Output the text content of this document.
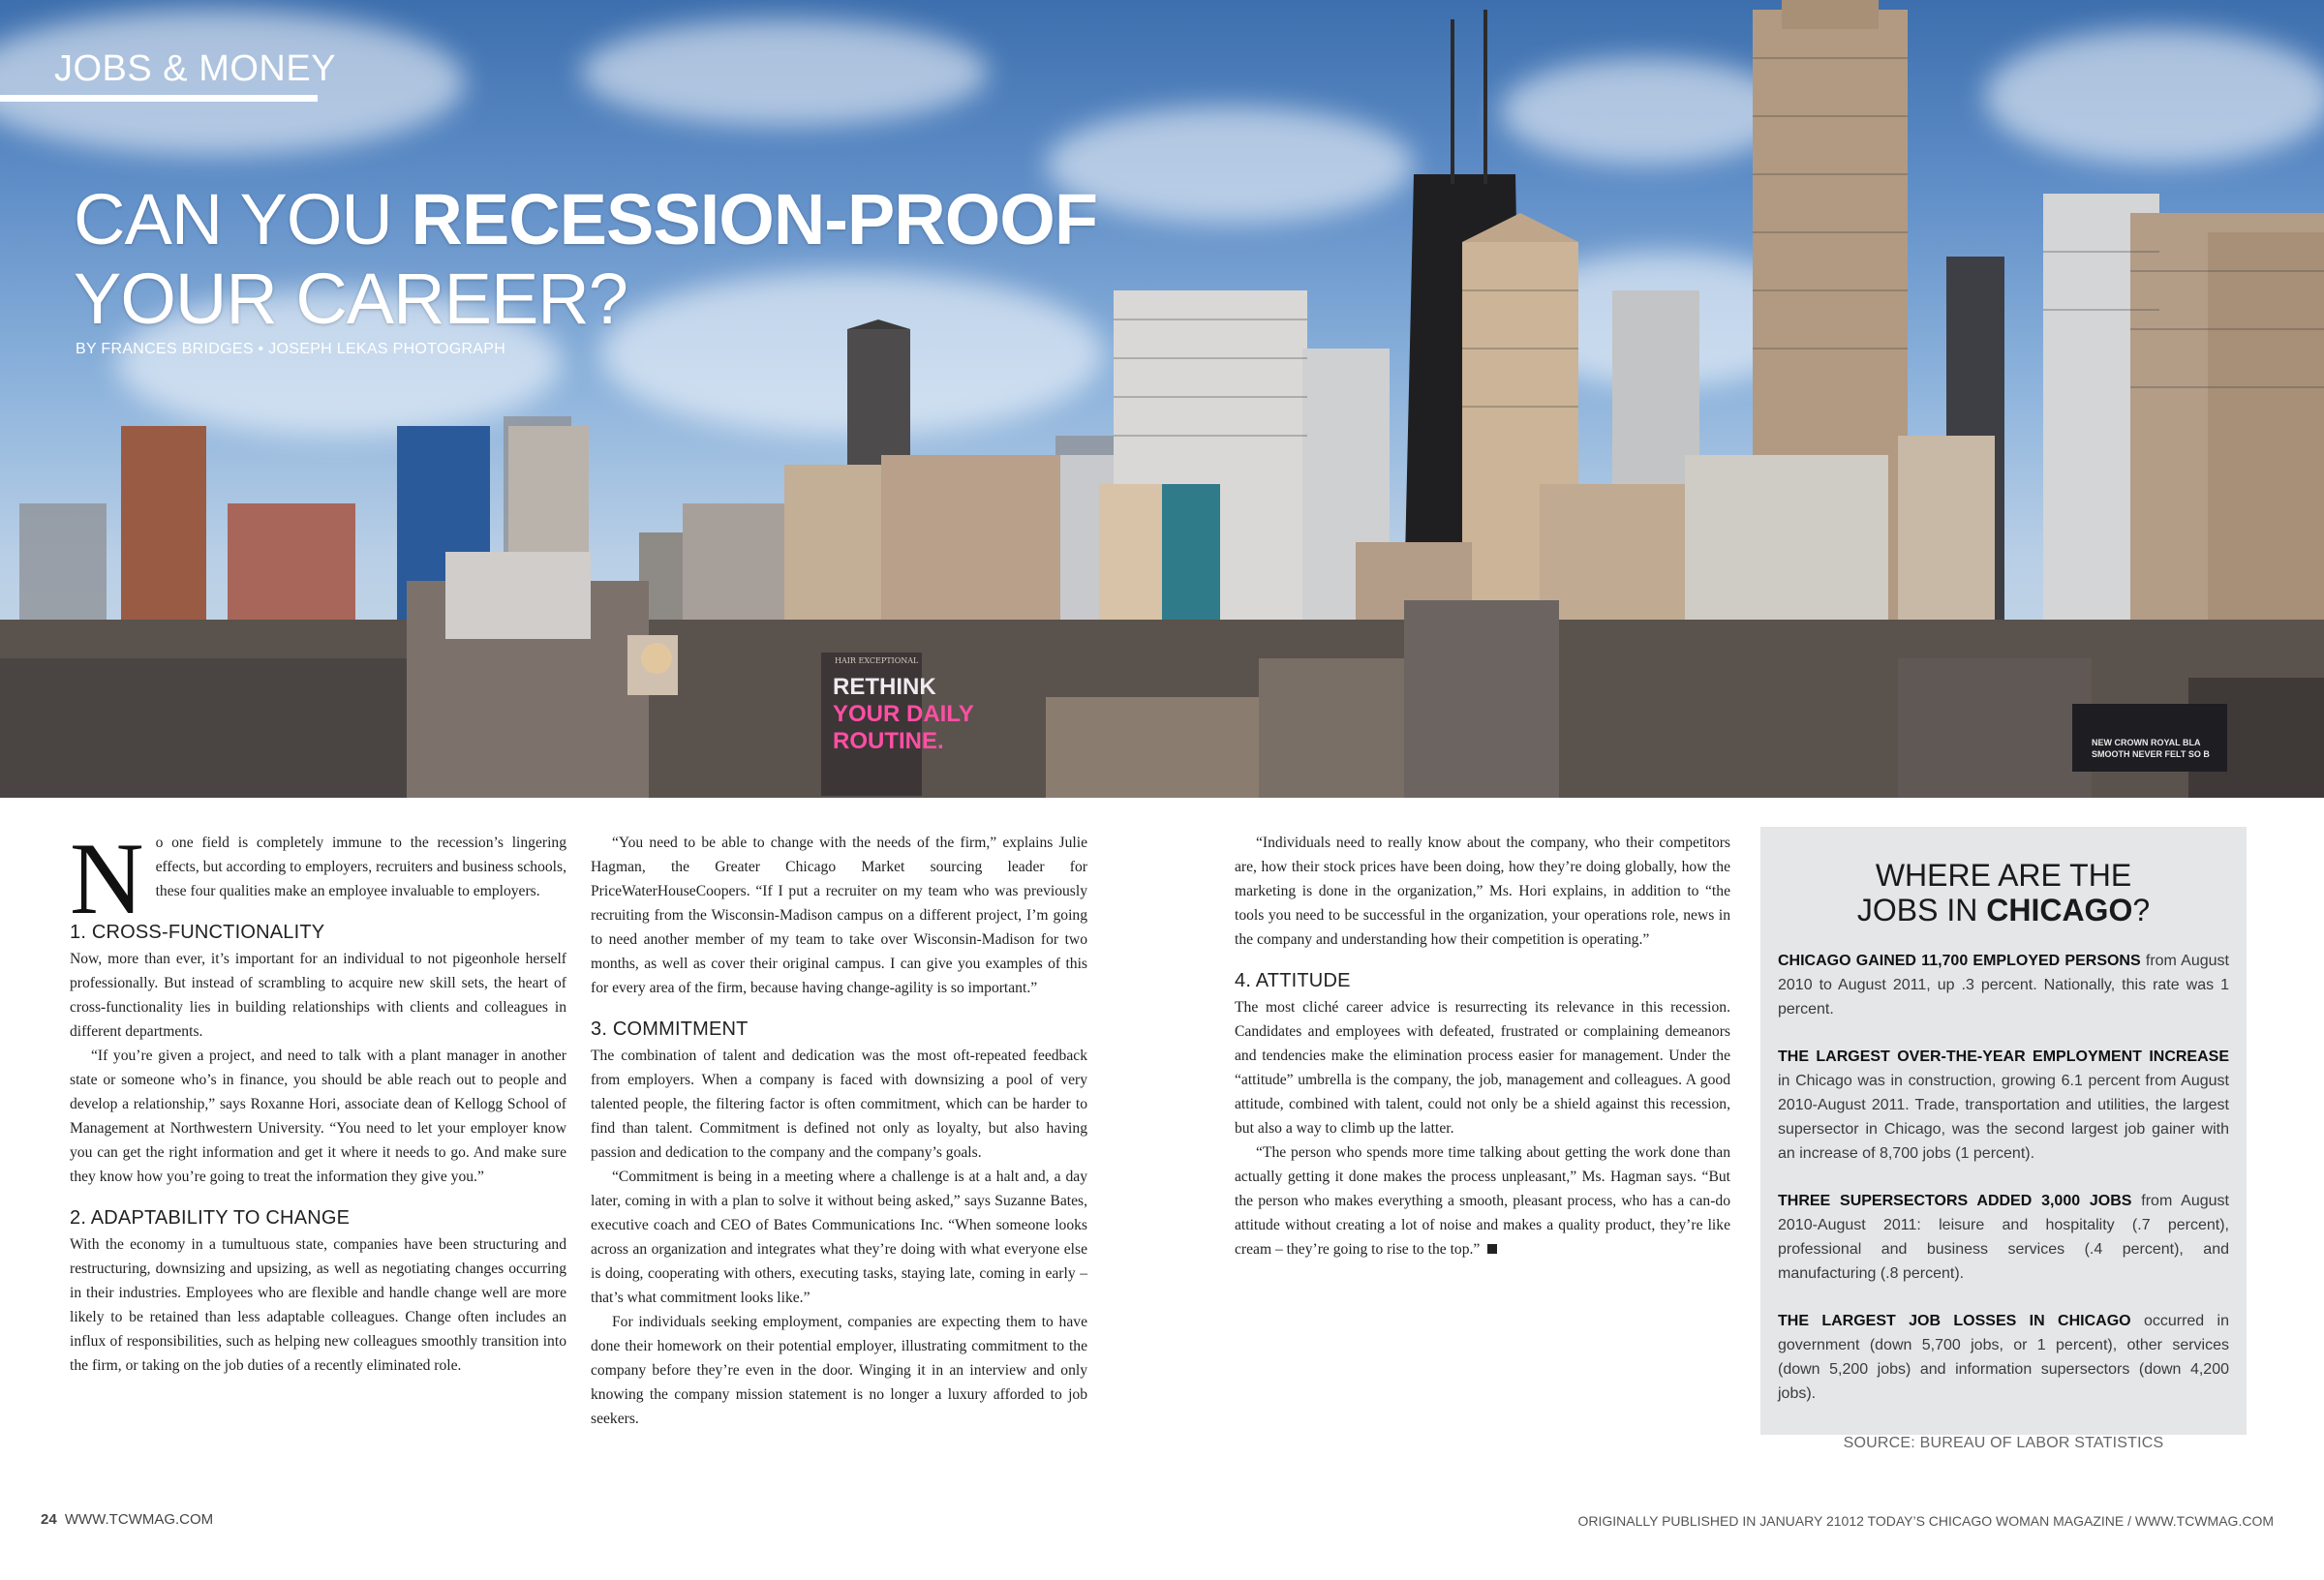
HAIR EXCEPTIONAL
RETHINK
YOUR DAILY
ROUTINE.	NEW CROWN ROYAL BLA
SMOOTH NEVER FELT SO B
JOBS & MONEY
CAN YOU RECESSION-PROOF
YOUR CAREER?
BY FRANCES BRIDGES • JOSEPH LEKAS PHOTOGRAPH

No one field is completely immune to the recession’s lingering effects, but according to employers, recruiters and business schools, these four qualities make an employee invaluable to employers.

1. CROSS-FUNCTIONALITY

Now, more than ever, it’s important for an individual to not pigeonhole herself professionally. But instead of scrambling to acquire new skill sets, the heart of cross-functionality lies in building relationships with clients and colleagues in different departments.

“If you’re given a project, and need to talk with a plant manager in another state or someone who’s in finance, you should be able reach out to people and develop a relationship,” says Roxanne Hori, associate dean of Kellogg School of Management at Northwestern University. “You need to let your employer know you can get the right information and get it where it needs to go. And make sure they know how you’re going to treat the information they give you.”

2. ADAPTABILITY TO CHANGE

With the economy in a tumultuous state, companies have been structuring and restructuring, downsizing and upsizing, as well as negotiating changes occurring in their industries. Employees who are flexible and handle change well are more likely to be retained than less adaptable colleagues. Change often includes an influx of responsibilities, such as helping new colleagues smoothly transition into the firm, or taking on the job duties of a recently eliminated role.

“You need to be able to change with the needs of the firm,” explains Julie Hagman, the Greater Chicago Market sourcing leader for PriceWaterHouseCoopers. “If I put a recruiter on my team who was previously recruiting from the Wisconsin-Madison campus on a different project, I’m going to need another member of my team to take over Wisconsin-Madison for two months, as well as cover their original campus. I can give you examples of this for every area of the firm, because having change-agility is so important.”

3. COMMITMENT

The combination of talent and dedication was the most oft-repeated feedback from employers. When a company is faced with downsizing a pool of very talented people, the filtering factor is often commitment, which can be harder to find than talent. Commitment is defined not only as loyalty, but also having passion and dedication to the company and the company’s goals.

“Commitment is being in a meeting where a challenge is at a halt and, a day later, coming in with a plan to solve it without being asked,” says Suzanne Bates, executive coach and CEO of Bates Communications Inc. “When someone looks across an organization and integrates what they’re doing with what everyone else is doing, cooperating with others, executing tasks, staying late, coming in early – that’s what commitment looks like.”

For individuals seeking employment, companies are expecting them to have done their homework on their potential employer, illustrating commitment to the company before they’re even in the door. Winging it in an interview and only knowing the company mission statement is no longer a luxury afforded to job seekers.

“Individuals need to really know about the company, who their competitors are, how their stock prices have been doing, how they’re doing globally, how the marketing is done in the organization,” Ms. Hori explains, in addition to “the tools you need to be successful in the organization, your operations role, news in the company and understanding how their competition is operating.”

4. ATTITUDE

The most cliché career advice is resurrecting its relevance in this recession. Candidates and employees with defeated, frustrated or complaining demeanors and tendencies make the elimination process easier for management. Under the “attitude” umbrella is the company, the job, management and colleagues. A good attitude, combined with talent, could not only be a shield against this recession, but also a way to climb up the latter.

“The person who spends more time talking about getting the work done than actually getting it done makes the process unpleasant,” Ms. Hagman says. “But the person who makes everything a smooth, pleasant process, who has a can-do attitude without creating a lot of noise and makes a quality product, they’re like cream – they’re going to rise to the top.”

WHERE ARE THE
JOBS IN CHICAGO?

CHICAGO GAINED 11,700 EMPLOYED PERSONS from August 2010 to August 2011, up .3 percent. Nationally, this rate was 1 percent.

THE LARGEST OVER-THE-YEAR EMPLOYMENT INCREASE in Chicago was in construction, growing 6.1 percent from August 2010-August 2011. Trade, transportation and utilities, the largest supersector in Chicago, was the second largest job gainer with an increase of 8,700 jobs (1 percent).

THREE SUPERSECTORS ADDED 3,000 JOBS from August 2010-August 2011: leisure and hospitality (.7 percent), professional and business services (.4 percent), and manufacturing (.8 percent).

THE LARGEST JOB LOSSES IN CHICAGO occurred in government (down 5,700 jobs, or 1 percent), other services (down 5,200 jobs) and information supersectors (down 4,200 jobs).

SOURCE: BUREAU OF LABOR STATISTICS
24 WWW.TCWMAG.COM	ORIGINALLY PUBLISHED IN JANUARY 21012 TODAY’S CHICAGO WOMAN MAGAZINE / WWW.TCWMAG.COM
